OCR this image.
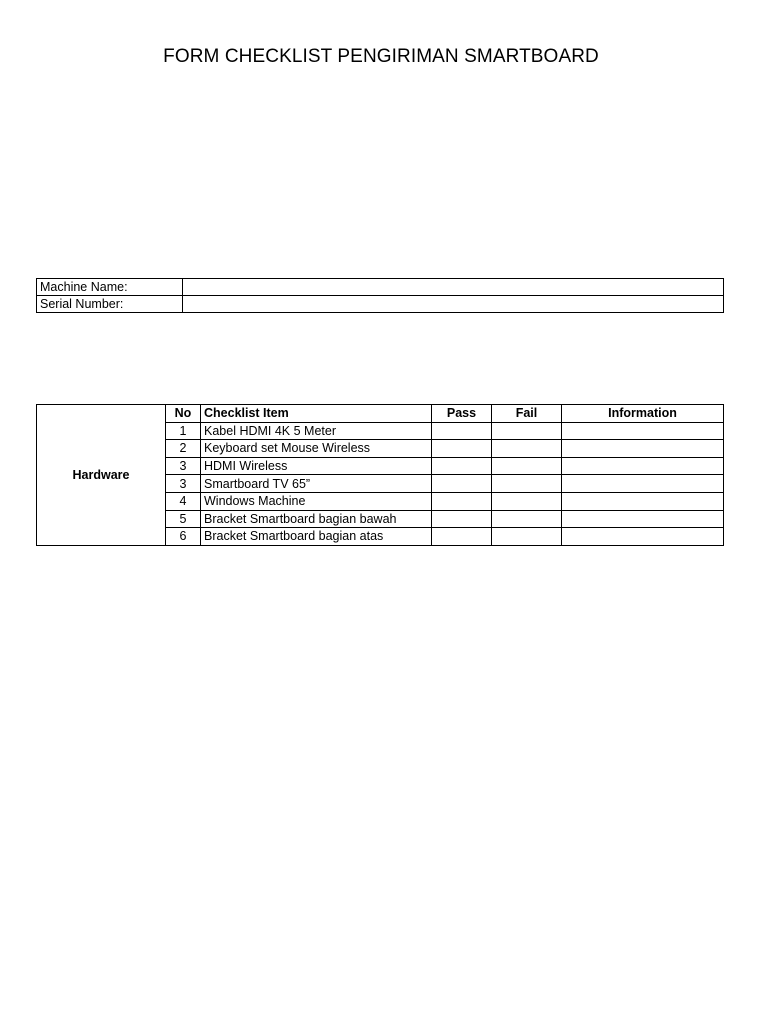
FORM CHECKLIST PENGIRIMAN SMARTBOARD
Machine Name:	
Serial Number:	
Hardware	No	Checklist Item	Pass	Fail	Information
	1	Kabel HDMI 4K 5 Meter			
	2	Keyboard set Mouse Wireless			
	3	HDMI Wireless			
	3	Smartboard TV 65”			
	4	Windows Machine			
	5	Bracket Smartboard bagian bawah			
	6	Bracket Smartboard bagian atas			
